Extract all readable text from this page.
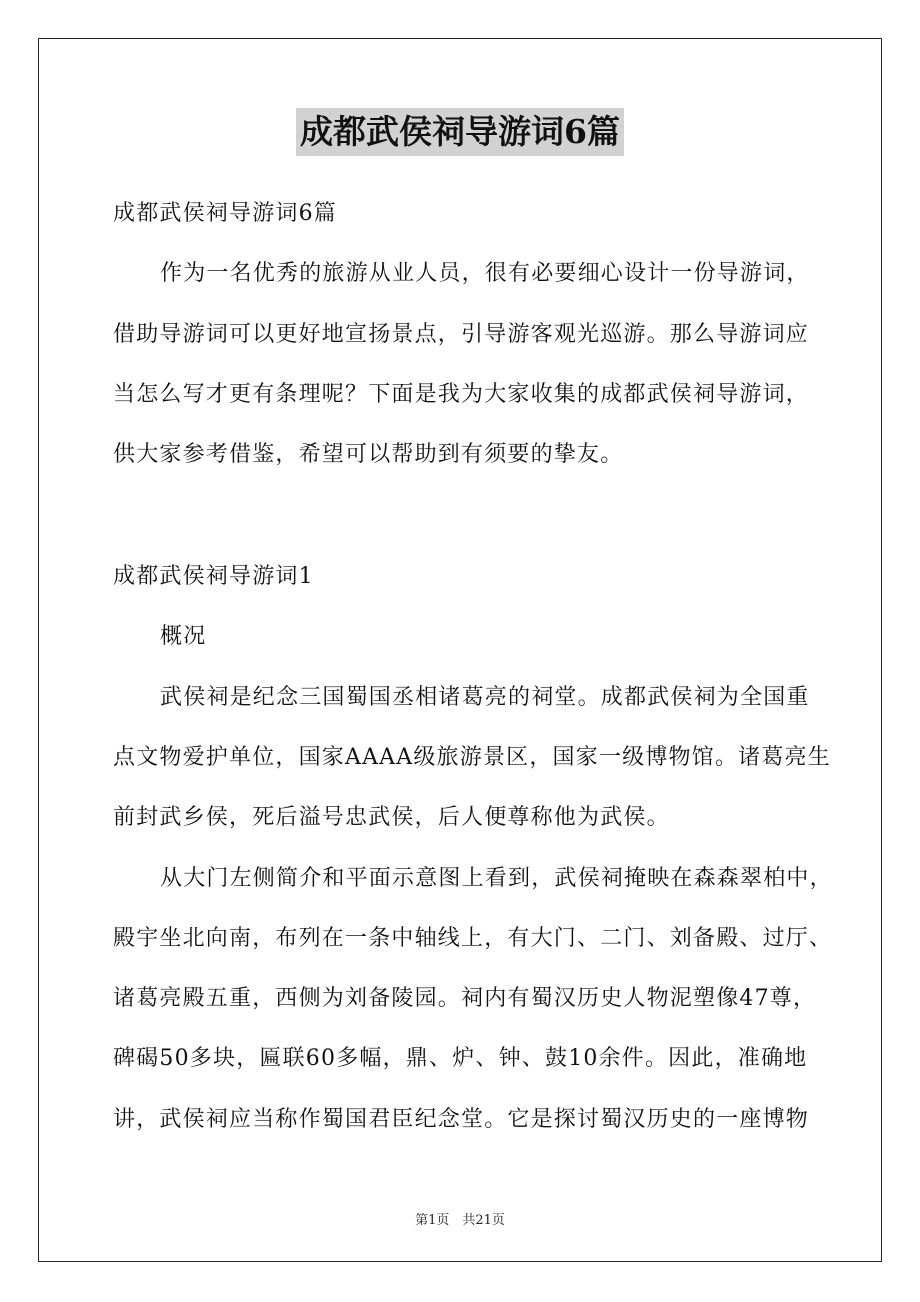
成都武侯祠导游词6篇
成都武侯祠导游词6篇
作为一名优秀的旅游从业人员，很有必要细心设计一份导游词，
借助导游词可以更好地宣扬景点，引导游客观光巡游。那么导游词应
当怎么写才更有条理呢？下面是我为大家收集的成都武侯祠导游词，
供大家参考借鉴，希望可以帮助到有须要的挚友。
成都武侯祠导游词1
概况
武侯祠是纪念三国蜀国丞相诸葛亮的祠堂。成都武侯祠为全国重
点文物爱护单位，国家AAAA级旅游景区，国家一级博物馆。诸葛亮生
前封武乡侯，死后溢号忠武侯，后人便尊称他为武侯。
从大门左侧简介和平面示意图上看到，武侯祠掩映在森森翠柏中，
殿宇坐北向南，布列在一条中轴线上，有大门、二门、刘备殿、过厅、
诸葛亮殿五重，西侧为刘备陵园。祠内有蜀汉历史人物泥塑像47尊，
碑碣50多块，匾联60多幅，鼎、炉、钟、鼓10余件。因此，准确地
讲，武侯祠应当称作蜀国君臣纪念堂。它是探讨蜀汉历史的一座博物
第1页　共21页
